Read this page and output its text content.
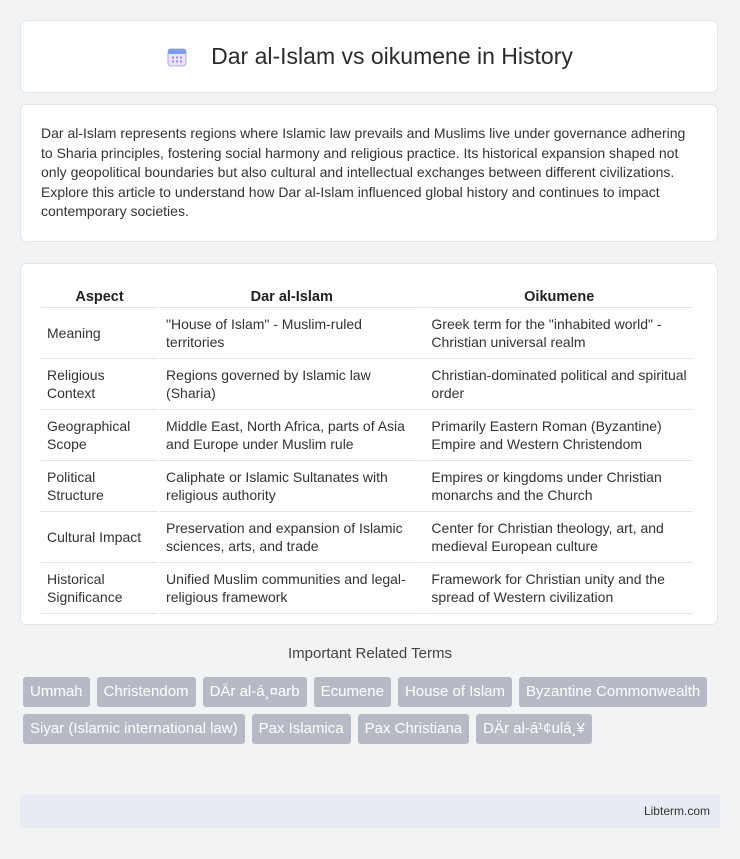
Dar al-Islam vs oikumene in History

Dar al-Islam represents regions where Islamic law prevails and Muslims live under governance adhering to Sharia principles, fostering social harmony and religious practice. Its historical expansion shaped not only geopolitical boundaries but also cultural and intellectual exchanges between different civilizations. Explore this article to understand how Dar al-Islam influenced global history and continues to impact contemporary societies.

Aspect	Dar al-Islam	Oikumene
Meaning	"House of Islam" - Muslim-ruled territories	Greek term for the "inhabited world" - Christian universal realm
Religious Context	Regions governed by Islamic law (Sharia)	Christian-dominated political and spiritual order
Geographical Scope	Middle East, North Africa, parts of Asia and Europe under Muslim rule	Primarily Eastern Roman (Byzantine) Empire and Western Christendom
Political Structure	Caliphate or Islamic Sultanates with religious authority	Empires or kingdoms under Christian monarchs and the Church
Cultural Impact	Preservation and expansion of Islamic sciences, arts, and trade	Center for Christian theology, art, and medieval European culture
Historical Significance	Unified Muslim communities and legal-religious framework	Framework for Christian unity and the spread of Western civilization
Important Related Terms
Ummah	Christendom	DÄr al-á¸¤arb	Ecumene	House of Islam	Byzantine Commonwealth
Siyar (Islamic international law)	Pax Islamica	Pax Christiana	DÄr al-á¹¢ulá¸¥
Libterm.com
